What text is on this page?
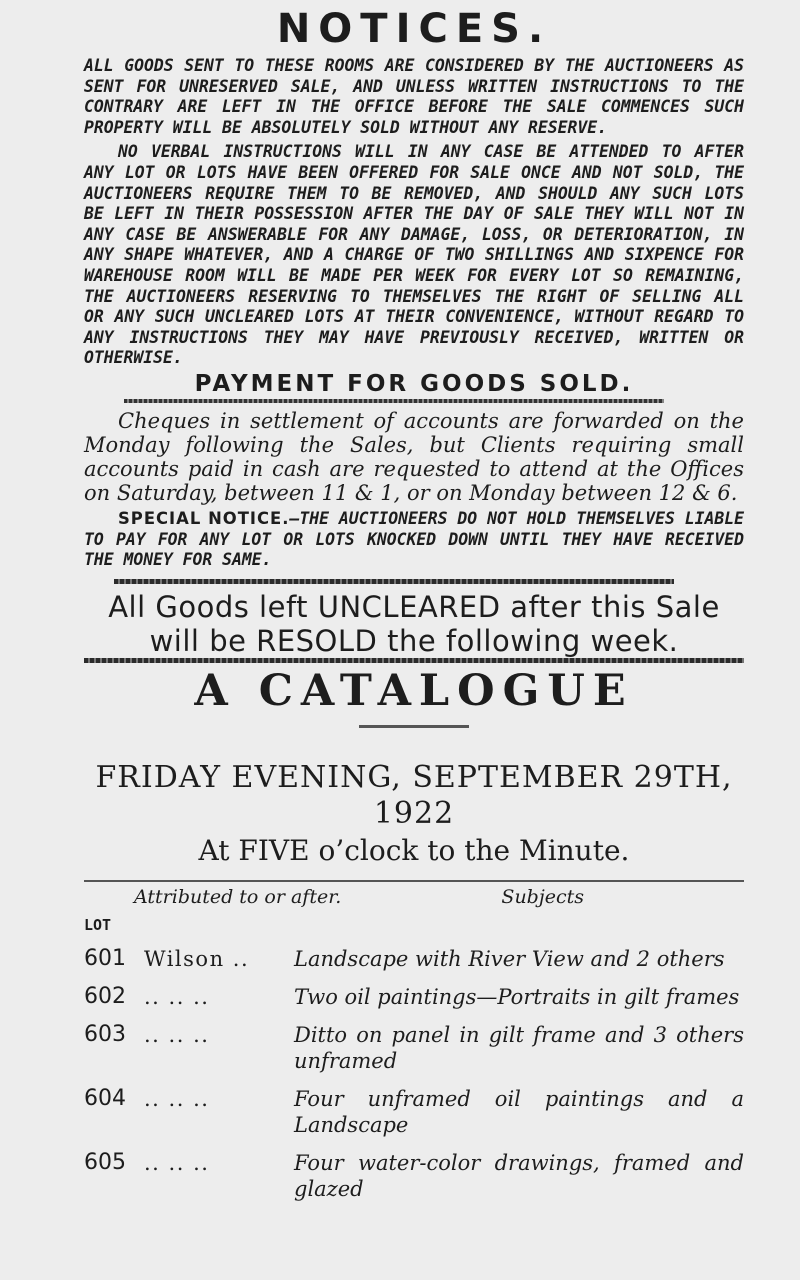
NOTICES.

ALL GOODS SENT TO THESE ROOMS ARE CONSIDERED BY THE AUCTIONEERS AS SENT FOR UNRESERVED SALE, AND UNLESS WRITTEN INSTRUCTIONS TO THE CONTRARY ARE LEFT IN THE OFFICE BEFORE THE SALE COMMENCES SUCH PROPERTY WILL BE ABSOLUTELY SOLD WITHOUT ANY RESERVE.

NO VERBAL INSTRUCTIONS WILL IN ANY CASE BE ATTENDED TO AFTER ANY LOT OR LOTS HAVE BEEN OFFERED FOR SALE ONCE AND NOT SOLD, THE AUCTIONEERS REQUIRE THEM TO BE REMOVED, AND SHOULD ANY SUCH LOTS BE LEFT IN THEIR POSSESSION AFTER THE DAY OF SALE THEY WILL NOT IN ANY CASE BE ANSWERABLE FOR ANY DAMAGE, LOSS, OR DETERIORATION, IN ANY SHAPE WHATEVER, AND A CHARGE OF TWO SHILLINGS AND SIXPENCE FOR WAREHOUSE ROOM WILL BE MADE PER WEEK FOR EVERY LOT SO REMAINING, THE AUCTIONEERS RESERVING TO THEMSELVES THE RIGHT OF SELLING ALL OR ANY SUCH UNCLEARED LOTS AT THEIR CONVENIENCE, WITHOUT REGARD TO ANY INSTRUCTIONS THEY MAY HAVE PREVIOUSLY RECEIVED, WRITTEN OR OTHERWISE.

PAYMENT FOR GOODS SOLD.

Cheques in settlement of accounts are forwarded on the Monday following the Sales, but Clients requiring small accounts paid in cash are requested to attend at the Offices on Saturday, between 11 & 1, or on Monday between 12 & 6.

SPECIAL NOTICE.—THE AUCTIONEERS DO NOT HOLD THEMSELVES LIABLE TO PAY FOR ANY LOT OR LOTS KNOCKED DOWN UNTIL THEY HAVE RECEIVED THE MONEY FOR SAME.

All Goods left UNCLEARED after this Sale will be RESOLD the following week.

A CATALOGUE

FRIDAY EVENING, SEPTEMBER 29TH, 1922

At FIVE o’clock to the Minute.

Attributed to or after.	Subjects
LOT
601 Wilson ..	Landscape with River View and 2 others
602 .. .. ..	Two oil paintings—Portraits in gilt frames
603 .. .. ..	Ditto on panel in gilt frame and 3 others unframed
604 .. .. ..	Four unframed oil paintings and a Landscape
605 .. .. ..	Four water-color drawings, framed and glazed
